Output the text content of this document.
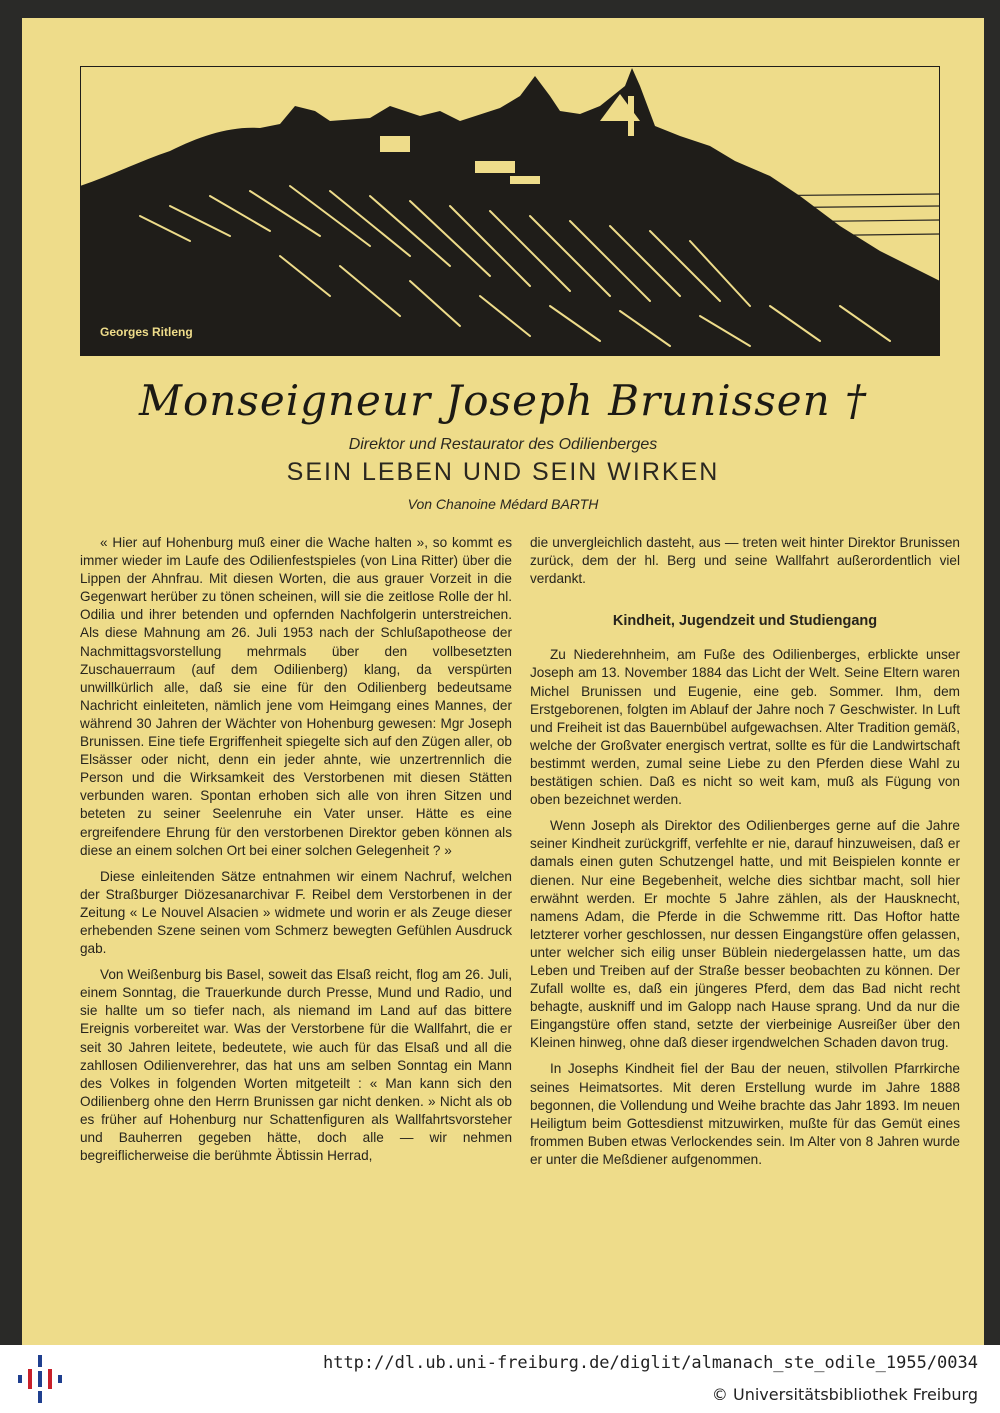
Georges Ritleng
Monseigneur Joseph Brunissen †
Direktor und Restaurator des Odilienberges
SEIN LEBEN UND SEIN WIRKEN
Von Chanoine Médard BARTH

« Hier auf Hohenburg muß einer die Wache halten », so kommt es immer wieder im Laufe des Odilienfestspieles (von Lina Ritter) über die Lippen der Ahnfrau. Mit diesen Worten, die aus grauer Vorzeit in die Gegenwart herüber zu tönen scheinen, will sie die zeitlose Rolle der hl. Odilia und ihrer betenden und opfernden Nachfolgerin unterstreichen. Als diese Mahnung am 26. Juli 1953 nach der Schlußapotheose der Nachmittagsvorstellung mehrmals über den vollbesetzten Zuschauerraum (auf dem Odilienberg) klang, da verspürten unwillkürlich alle, daß sie eine für den Odilienberg bedeutsame Nachricht einleiteten, nämlich jene vom Heimgang eines Mannes, der während 30 Jahren der Wächter von Hohenburg gewesen: Mgr Joseph Brunissen. Eine tiefe Ergriffenheit spiegelte sich auf den Zügen aller, ob Elsässer oder nicht, denn ein jeder ahnte, wie unzertrennlich die Person und die Wirksamkeit des Verstorbenen mit diesen Stätten verbunden waren. Spontan erhoben sich alle von ihren Sitzen und beteten zu seiner Seelenruhe ein Vater unser. Hätte es eine ergreifendere Ehrung für den verstorbenen Direktor geben können als diese an einem solchen Ort bei einer solchen Gelegenheit ? »

Diese einleitenden Sätze entnahmen wir einem Nachruf, welchen der Straßburger Diözesanarchivar F. Reibel dem Verstorbenen in der Zeitung « Le Nouvel Alsacien » widmete und worin er als Zeuge dieser erhebenden Szene seinen vom Schmerz bewegten Gefühlen Ausdruck gab.

Von Weißenburg bis Basel, soweit das Elsaß reicht, flog am 26. Juli, einem Sonntag, die Trauerkunde durch Presse, Mund und Radio, und sie hallte um so tiefer nach, als niemand im Land auf das bittere Ereignis vorbereitet war. Was der Verstorbene für die Wallfahrt, die er seit 30 Jahren leitete, bedeutete, wie auch für das Elsaß und all die zahllosen Odilienverehrer, das hat uns am selben Sonntag ein Mann des Volkes in folgenden Worten mitgeteilt : « Man kann sich den Odilienberg ohne den Herrn Brunissen gar nicht denken. » Nicht als ob es früher auf Hohenburg nur Schattenfiguren als Wallfahrtsvorsteher und Bauherren gegeben hätte, doch alle — wir nehmen begreiflicherweise die berühmte Äbtissin Herrad,

die unvergleichlich dasteht, aus — treten weit hinter Direktor Brunissen zurück, dem der hl. Berg und seine Wallfahrt außerordentlich viel verdankt.

Kindheit, Jugendzeit und Studiengang

Zu Niederehnheim, am Fuße des Odilienberges, erblickte unser Joseph am 13. November 1884 das Licht der Welt. Seine Eltern waren Michel Brunissen und Eugenie, eine geb. Sommer. Ihm, dem Erstgeborenen, folgten im Ablauf der Jahre noch 7 Geschwister. In Luft und Freiheit ist das Bauernbübel aufgewachsen. Alter Tradition gemäß, welche der Großvater energisch vertrat, sollte es für die Landwirtschaft bestimmt werden, zumal seine Liebe zu den Pferden diese Wahl zu bestätigen schien. Daß es nicht so weit kam, muß als Fügung von oben bezeichnet werden.

Wenn Joseph als Direktor des Odilienberges gerne auf die Jahre seiner Kindheit zurückgriff, verfehlte er nie, darauf hinzuweisen, daß er damals einen guten Schutzengel hatte, und mit Beispielen konnte er dienen. Nur eine Begebenheit, welche dies sichtbar macht, soll hier erwähnt werden. Er mochte 5 Jahre zählen, als der Hausknecht, namens Adam, die Pferde in die Schwemme ritt. Das Hoftor hatte letzterer vorher geschlossen, nur dessen Eingangstüre offen gelassen, unter welcher sich eilig unser Büblein niedergelassen hatte, um das Leben und Treiben auf der Straße besser beobachten zu können. Der Zufall wollte es, daß ein jüngeres Pferd, dem das Bad nicht recht behagte, auskniff und im Galopp nach Hause sprang. Und da nur die Eingangstüre offen stand, setzte der vierbeinige Ausreißer über den Kleinen hinweg, ohne daß dieser irgendwelchen Schaden davon trug.

In Josephs Kindheit fiel der Bau der neuen, stilvollen Pfarrkirche seines Heimatsortes. Mit deren Erstellung wurde im Jahre 1888 begonnen, die Vollendung und Weihe brachte das Jahr 1893. Im neuen Heiligtum beim Gottesdienst mitzuwirken, mußte für das Gemüt eines frommen Buben etwas Verlockendes sein. Im Alter von 8 Jahren wurde er unter die Meßdiener aufgenommen.

http://dl.ub.uni-freiburg.de/diglit/almanach_ste_odile_1955/0034
© Universitätsbibliothek Freiburg
